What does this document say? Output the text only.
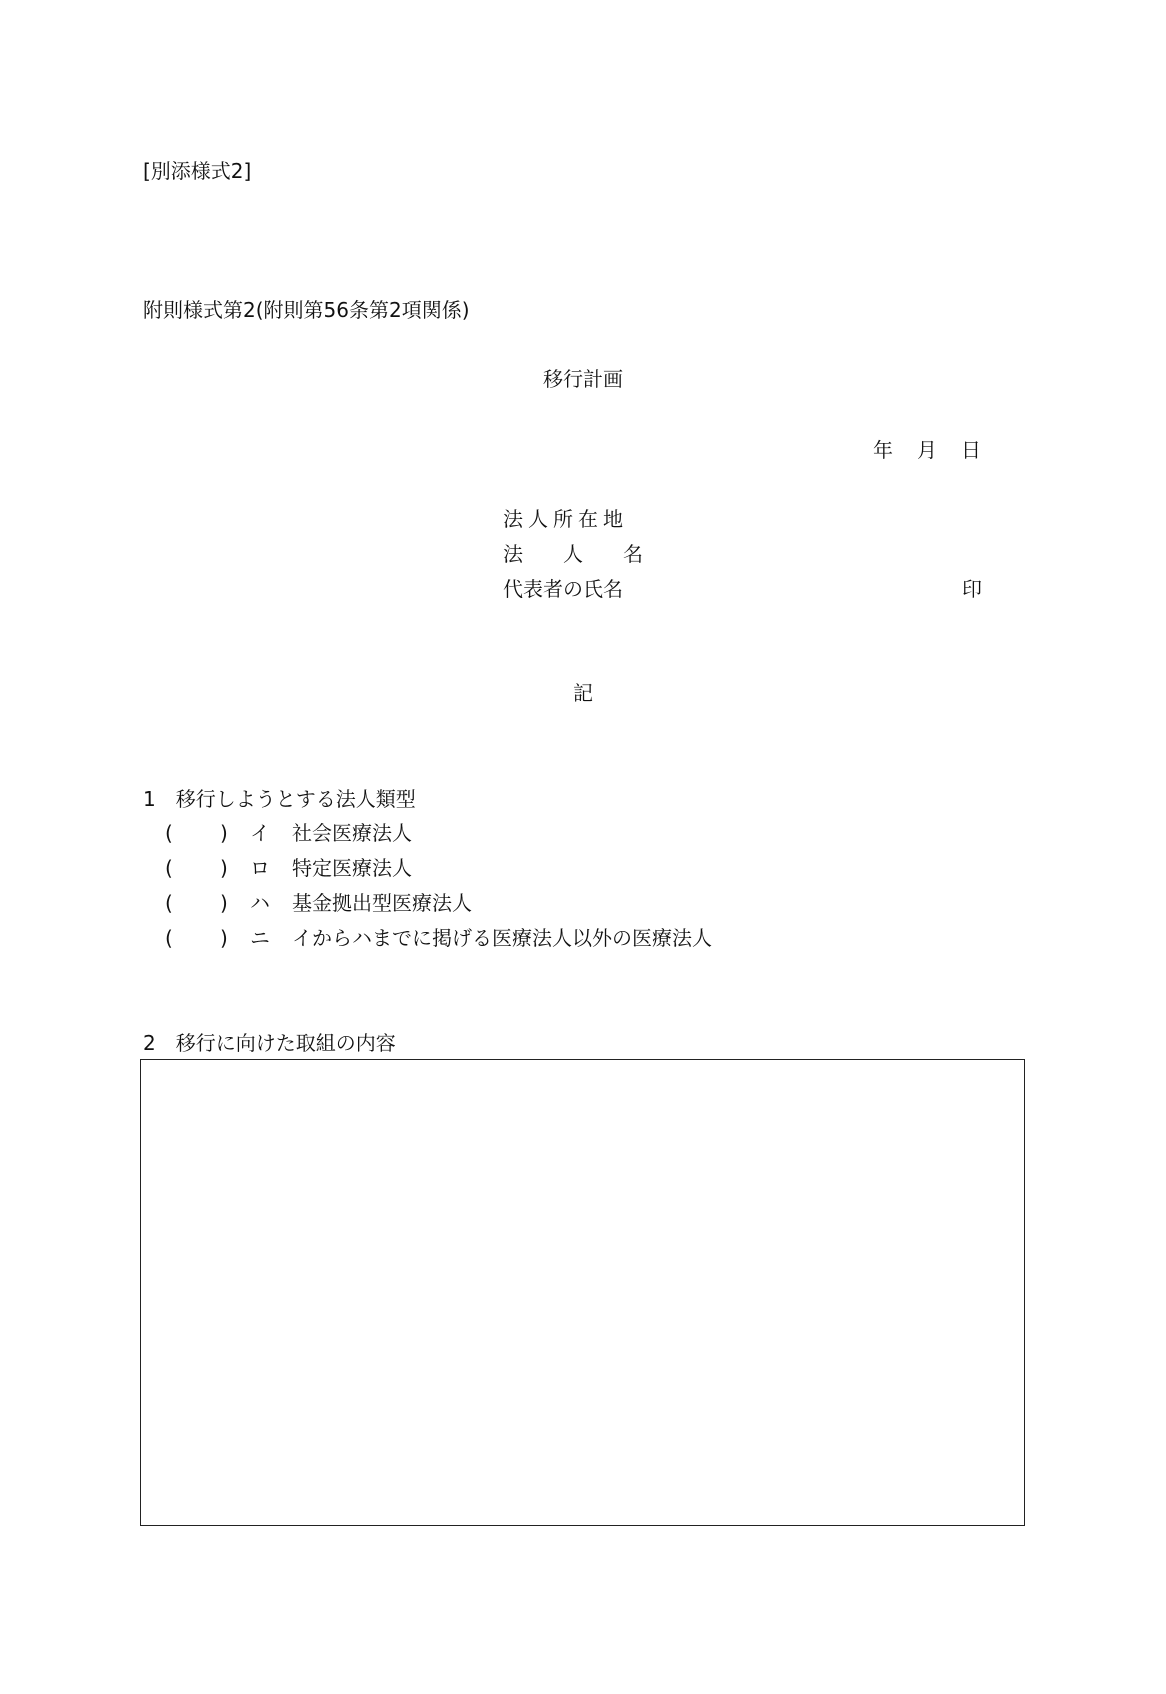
[別添様式2]
附則様式第2(附則第56条第2項関係)
移行計画
年 月 日
法人所在地
法　　人　　名
代表者の氏名	印
記
1　移行しようとする法人類型
(	)	イ	社会医療法人
(	)	ロ	特定医療法人
(	)	ハ	基金拠出型医療法人
(	)	ニ	イからハまでに掲げる医療法人以外の医療法人
2　移行に向けた取組の内容
